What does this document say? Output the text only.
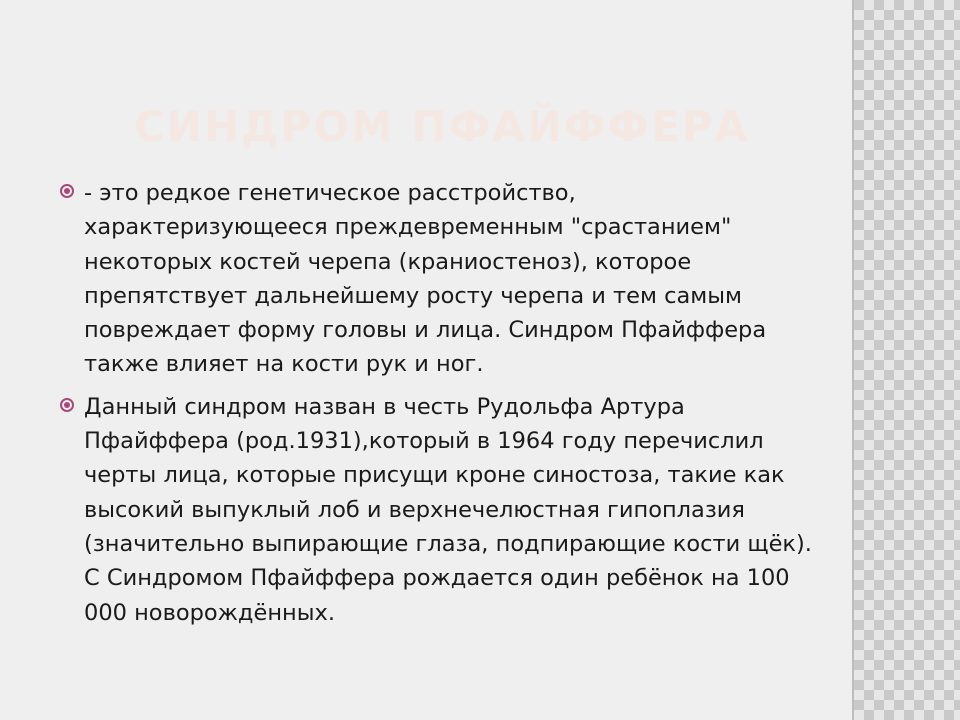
СИНДРОМ ПФАЙФФЕРА
- это редкое генетическое расстройство, характеризующееся преждевременным "срастанием" некоторых костей черепа (краниостеноз), которое препятствует дальнейшему росту черепа и тем самым повреждает форму головы и лица. Синдром Пфайффера также влияет на кости рук и ног.
Данный синдром назван в честь Рудольфа Артура Пфайффера (род.1931),который в 1964 году перечислил черты лица, которые присущи кроне синостоза, такие как высокий выпуклый лоб и верхнечелюстная гипоплазия (значительно выпирающие глаза, подпирающие кости щёк). С Синдромом Пфайффера рождается один ребёнок на 100 000 новорождённых.
